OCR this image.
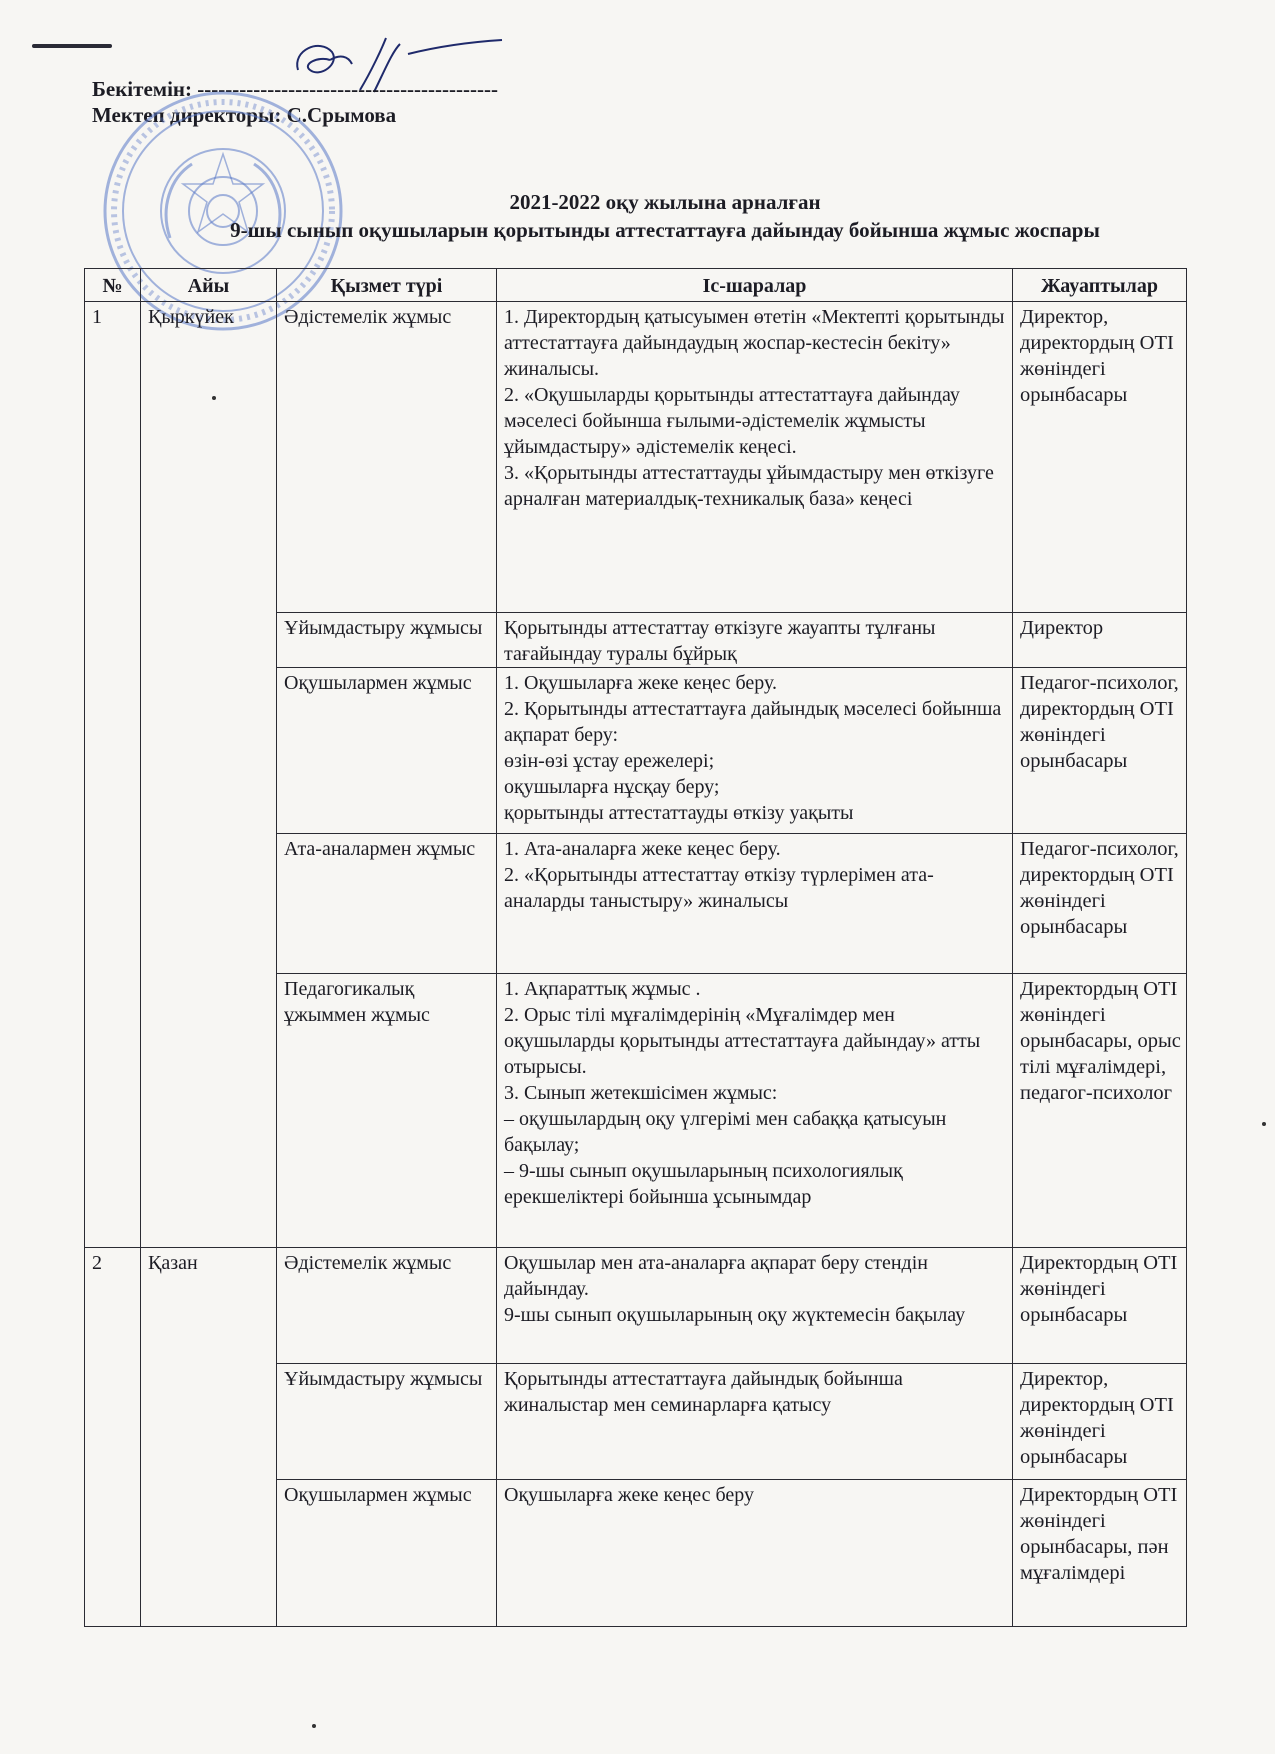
Бекітемін: -------------------------------------------
Мектеп директоры: С.Срымова
2021-2022 оқу жылына арналған
9-шы сынып оқушыларын қорытынды аттестаттауға дайындау бойынша жұмыс жоспары
№	Айы	Қызмет түрі	Іс-шаралар	Жауаптылар
1	Қыркүйек	Әдістемелік жұмыс	1. Директордың қатысуымен өтетін «Мектепті қорытынды аттестаттауға дайындаудың жоспар-кестесін бекіту» жиналысы.
2. «Оқушыларды қорытынды аттестаттауға дайындау мәселесі бойынша ғылыми-әдістемелік жұмысты ұйымдастыру» әдістемелік кеңесі.
3. «Қорытынды аттестаттауды ұйымдастыру мен өткізуге арналған материалдық-техникалық база» кеңесі	Директор, директордың ОТІ жөніндегі орынбасары
		Ұйымдастыру жұмысы	Қорытынды аттестаттау өткізуге жауапты тұлғаны тағайындау туралы бұйрық	Директор
		Оқушылармен жұмыс	1. Оқушыларға жеке кеңес беру.
2. Қорытынды аттестаттауға дайындық мәселесі бойынша ақпарат беру:
өзін-өзі ұстау ережелері;
оқушыларға нұсқау беру;
қорытынды аттестаттауды өткізу уақыты	Педагог-психолог, директордың ОТІ жөніндегі орынбасары
		Ата-аналармен жұмыс	1. Ата-аналарға жеке кеңес беру.
2. «Қорытынды аттестаттау өткізу түрлерімен ата-аналарды таныстыру» жиналысы	Педагог-психолог, директордың ОТІ жөніндегі орынбасары
		Педагогикалық ұжыммен жұмыс	1. Ақпараттық жұмыс .
2. Орыс тілі мұғалімдерінің «Мұғалімдер мен оқушыларды қорытынды аттестаттауға дайындау» атты отырысы.
3. Сынып жетекшісімен жұмыс:
– оқушылардың оқу үлгерімі мен сабаққа қатысуын бақылау;
– 9-шы сынып оқушыларының психологиялық ерекшеліктері бойынша ұсынымдар	Директордың ОТІ жөніндегі орынбасары, орыс тілі мұғалімдері, педагог-психолог
2	Қазан	Әдістемелік жұмыс	Оқушылар мен ата-аналарға ақпарат беру стендін дайындау.
9-шы сынып оқушыларының оқу жүктемесін бақылау	Директордың ОТІ жөніндегі орынбасары
		Ұйымдастыру жұмысы	Қорытынды аттестаттауға дайындық бойынша жиналыстар мен семинарларға қатысу	Директор, директордың ОТІ жөніндегі орынбасары
		Оқушылармен жұмыс	Оқушыларға жеке кеңес беру	Директордың ОТІ жөніндегі орынбасары, пән мұғалімдері
